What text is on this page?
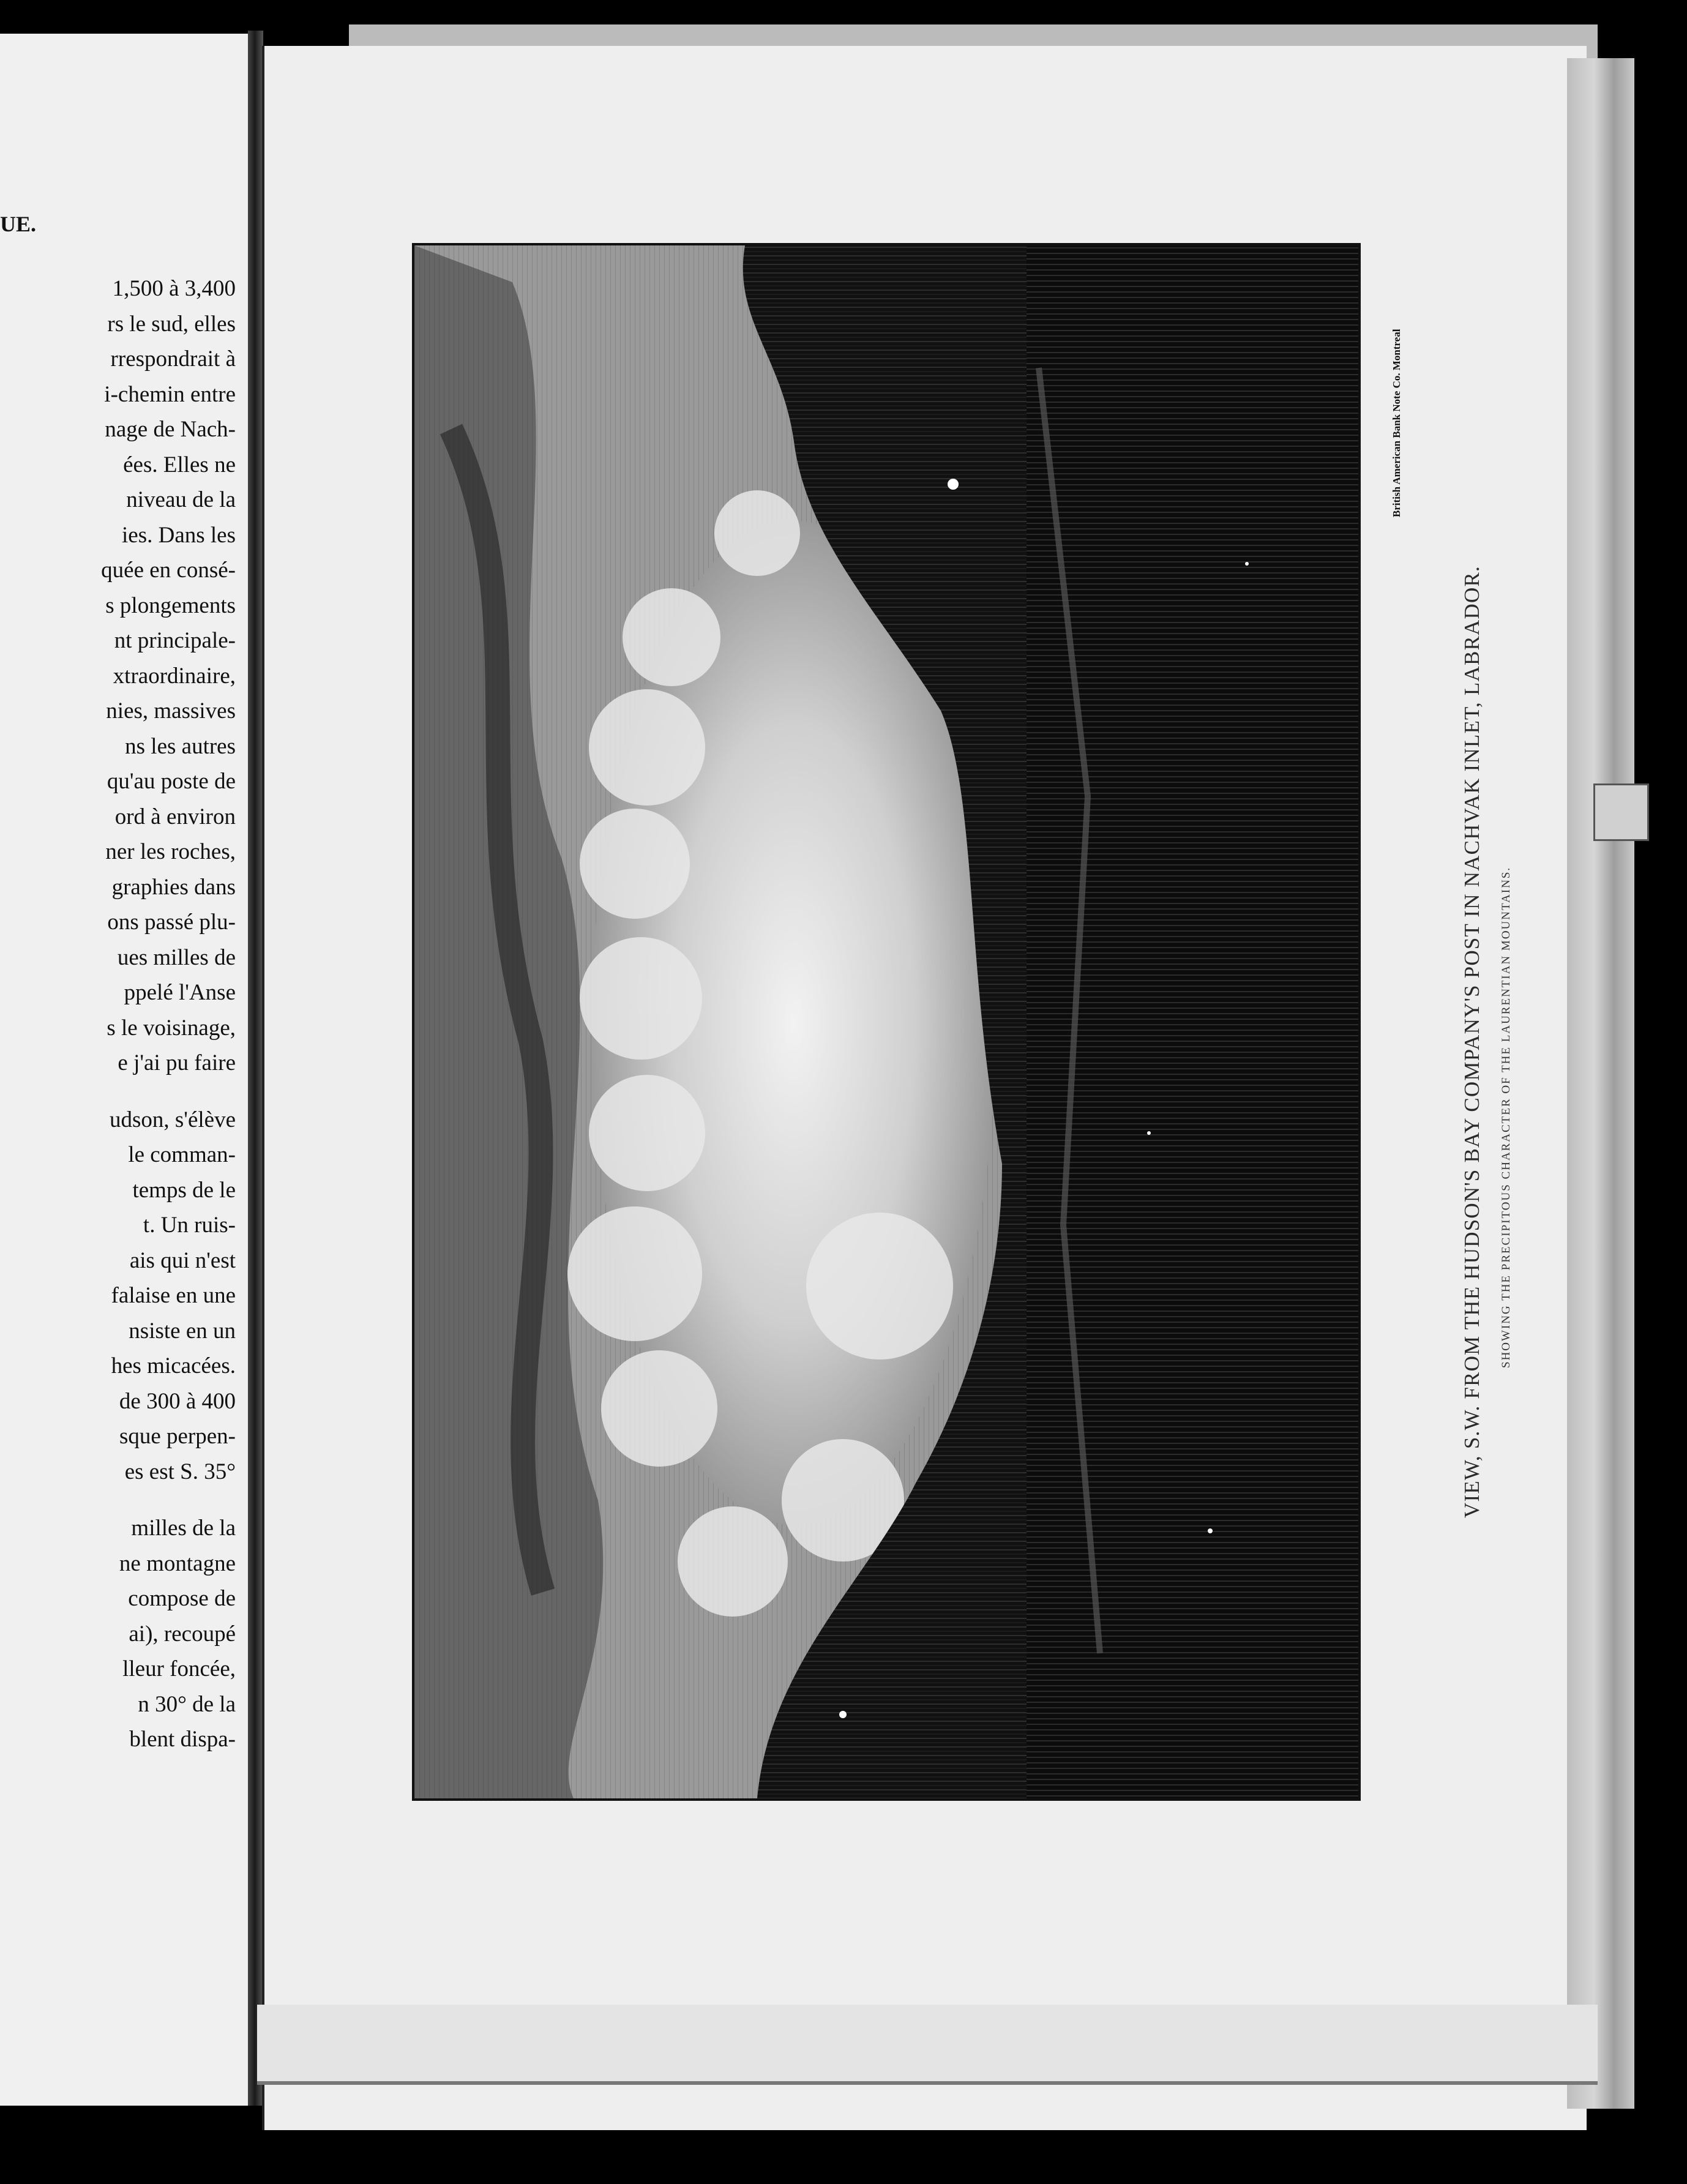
UE.
1,500 à 3,400
rs le sud, elles
rrespondrait à
i-chemin entre
nage de Nach-
ées. Elles ne
niveau de la
ies. Dans les
quée en consé-
s plongements
nt principale-
xtraordinaire,
nies, massives
ns les autres
qu'au poste de
ord à environ
ner les roches,
graphies dans
ons passé plu-
ues milles de
ppelé l'Anse
s le voisinage,
e j'ai pu faire
udson, s'élève
le comman-
temps de le
t. Un ruis-
ais qui n'est
falaise en une
nsiste en un
hes micacées.
de 300 à 400
sque perpen-
es est S. 35°
milles de la
ne montagne
compose de
ai), recoupé
lleur foncée,
n 30° de la
blent dispa-
British American Bank Note Co. Montreal
VIEW, S.W. FROM THE HUDSON'S BAY COMPANY'S POST IN NACHVAK INLET, LABRADOR. SHOWING THE PRECIPITOUS CHARACTER OF THE LAURENTIAN MOUNTAINS.
